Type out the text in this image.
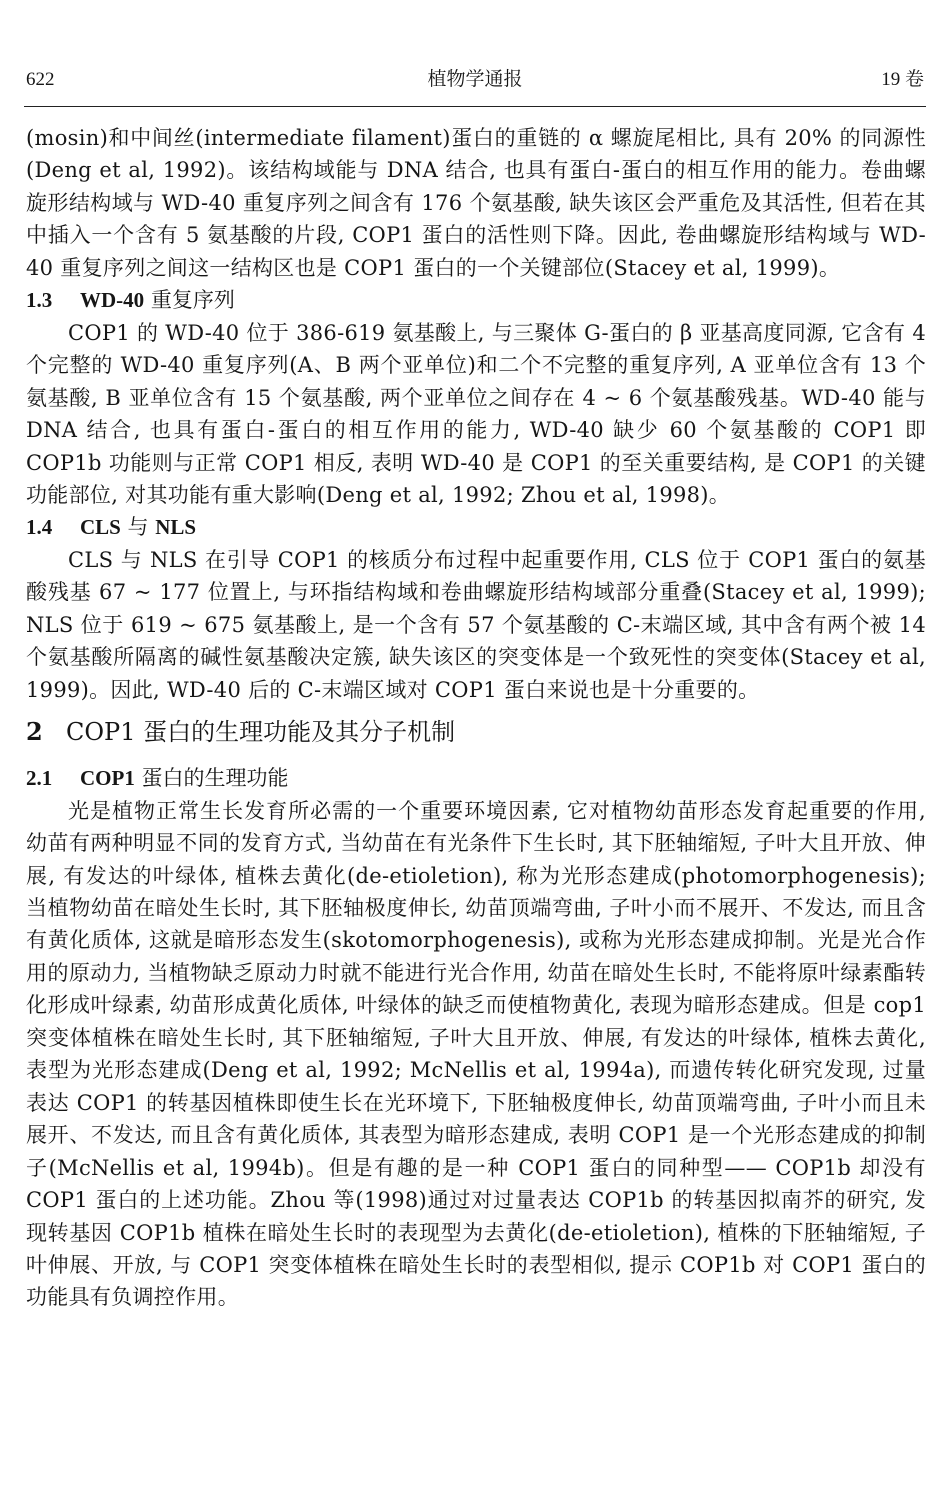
622	植物学通报	19 卷

(mosin)和中间丝(intermediate filament)蛋白的重链的 α 螺旋尾相比, 具有 20% 的同源性(Deng et al, 1992)。该结构域能与 DNA 结合, 也具有蛋白-蛋白的相互作用的能力。卷曲螺旋形结构域与 WD-40 重复序列之间含有 176 个氨基酸, 缺失该区会严重危及其活性, 但若在其中插入一个含有 5 氨基酸的片段, COP1 蛋白的活性则下降。因此, 卷曲螺旋形结构域与 WD-40 重复序列之间这一结构区也是 COP1 蛋白的一个关键部位(Stacey et al, 1999)。

1.3 WD-40 重复序列

COP1 的 WD-40 位于 386-619 氨基酸上, 与三聚体 G-蛋白的 β 亚基高度同源, 它含有 4 个完整的 WD-40 重复序列(A、B 两个亚单位)和二个不完整的重复序列, A 亚单位含有 13 个氨基酸, B 亚单位含有 15 个氨基酸, 两个亚单位之间存在 4 ~ 6 个氨基酸残基。WD-40 能与 DNA 结合, 也具有蛋白-蛋白的相互作用的能力, WD-40 缺少 60 个氨基酸的 COP1 即 COP1b 功能则与正常 COP1 相反, 表明 WD-40 是 COP1 的至关重要结构, 是 COP1 的关键功能部位, 对其功能有重大影响(Deng et al, 1992; Zhou et al, 1998)。

1.4 CLS 与 NLS

CLS 与 NLS 在引导 COP1 的核质分布过程中起重要作用, CLS 位于 COP1 蛋白的氨基酸残基 67 ~ 177 位置上, 与环指结构域和卷曲螺旋形结构域部分重叠(Stacey et al, 1999); NLS 位于 619 ~ 675 氨基酸上, 是一个含有 57 个氨基酸的 C-末端区域, 其中含有两个被 14 个氨基酸所隔离的碱性氨基酸决定簇, 缺失该区的突变体是一个致死性的突变体(Stacey et al, 1999)。因此, WD-40 后的 C-末端区域对 COP1 蛋白来说也是十分重要的。

2 COP1 蛋白的生理功能及其分子机制
2.1 COP1 蛋白的生理功能

光是植物正常生长发育所必需的一个重要环境因素, 它对植物幼苗形态发育起重要的作用, 幼苗有两种明显不同的发育方式, 当幼苗在有光条件下生长时, 其下胚轴缩短, 子叶大且开放、伸展, 有发达的叶绿体, 植株去黄化(de-etioletion), 称为光形态建成(photomorphogenesis); 当植物幼苗在暗处生长时, 其下胚轴极度伸长, 幼苗顶端弯曲, 子叶小而不展开、不发达, 而且含有黄化质体, 这就是暗形态发生(skotomorphogenesis), 或称为光形态建成抑制。光是光合作用的原动力, 当植物缺乏原动力时就不能进行光合作用, 幼苗在暗处生长时, 不能将原叶绿素酯转化形成叶绿素, 幼苗形成黄化质体, 叶绿体的缺乏而使植物黄化, 表现为暗形态建成。但是 cop1 突变体植株在暗处生长时, 其下胚轴缩短, 子叶大且开放、伸展, 有发达的叶绿体, 植株去黄化, 表型为光形态建成(Deng et al, 1992; McNellis et al, 1994a), 而遗传转化研究发现, 过量表达 COP1 的转基因植株即使生长在光环境下, 下胚轴极度伸长, 幼苗顶端弯曲, 子叶小而且未展开、不发达, 而且含有黄化质体, 其表型为暗形态建成, 表明 COP1 是一个光形态建成的抑制子(McNellis et al, 1994b)。但是有趣的是一种 COP1 蛋白的同种型—— COP1b 却没有 COP1 蛋白的上述功能。Zhou 等(1998)通过对过量表达 COP1b 的转基因拟南芥的研究, 发现转基因 COP1b 植株在暗处生长时的表现型为去黄化(de-etioletion), 植株的下胚轴缩短, 子叶伸展、开放, 与 COP1 突变体植株在暗处生长时的表型相似, 提示 COP1b 对 COP1 蛋白的功能具有负调控作用。
